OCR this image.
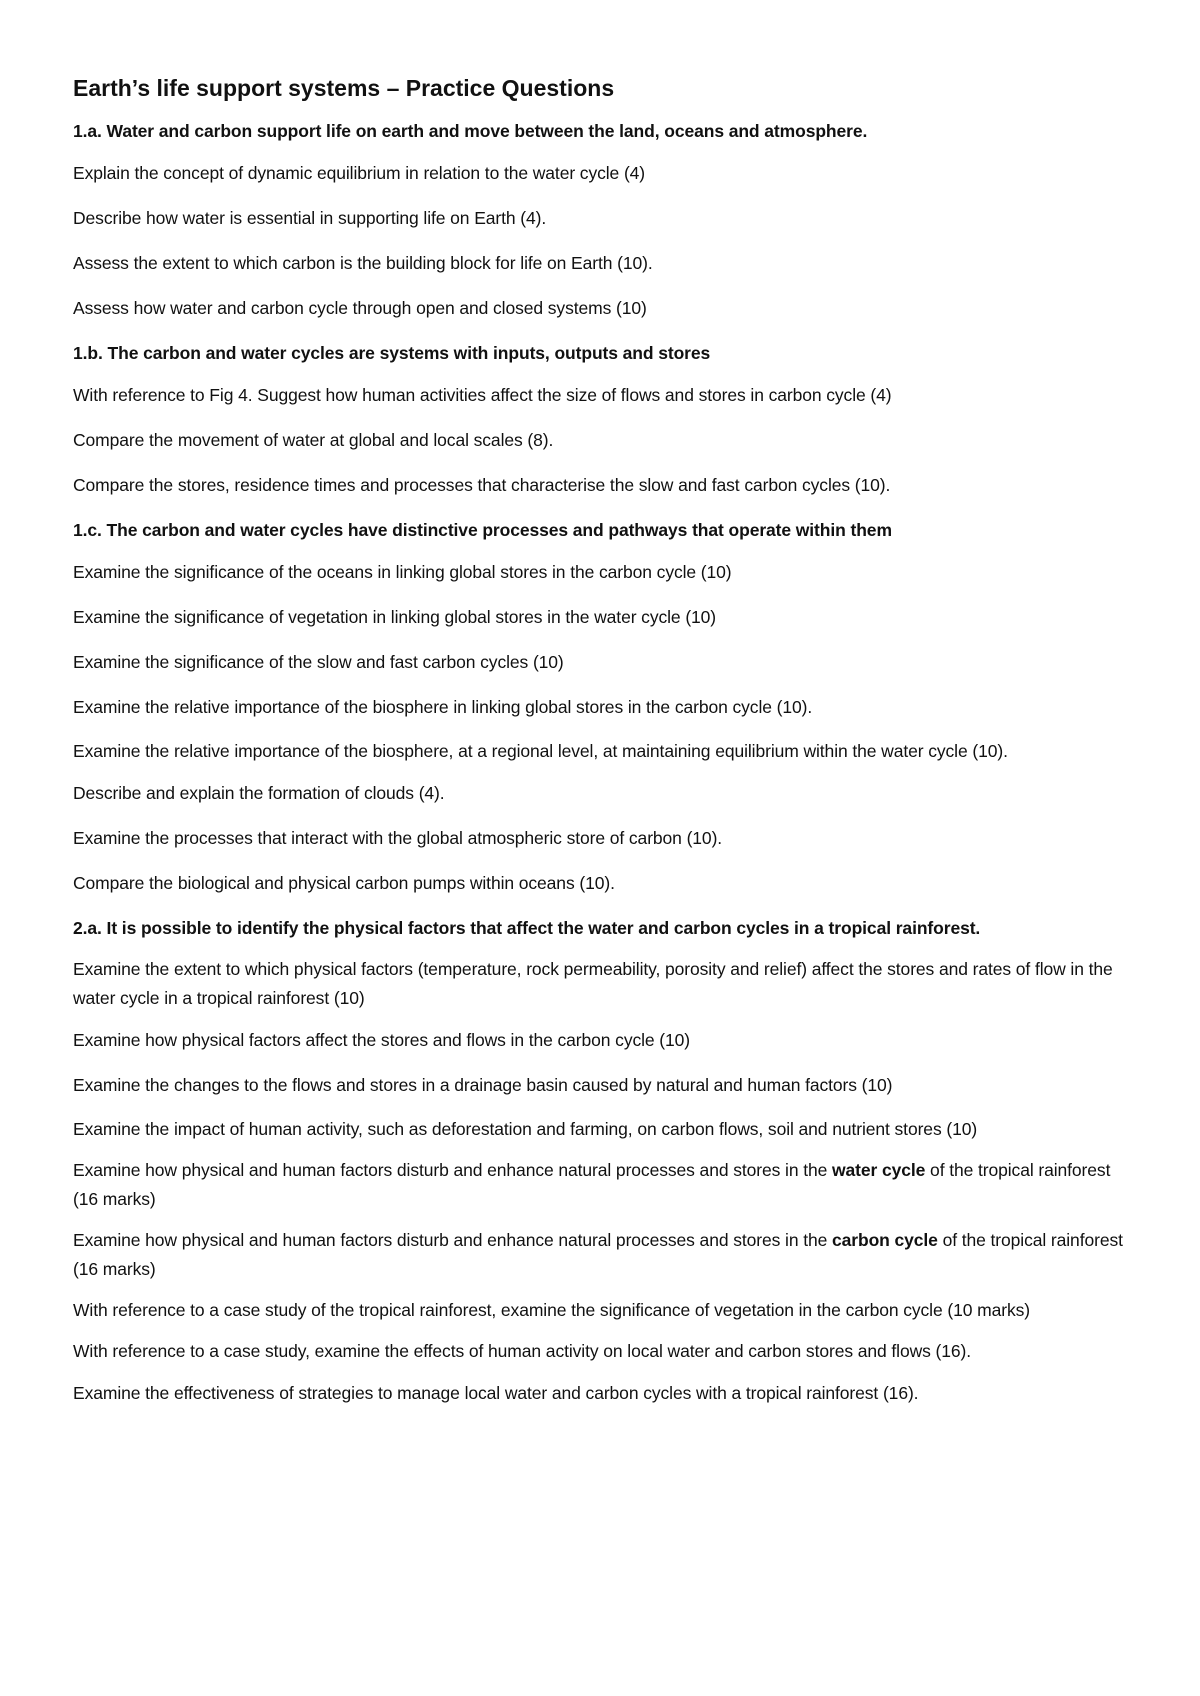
Earth’s life support systems – Practice Questions
1.a. Water and carbon support life on earth and move between the land, oceans and atmosphere.
Explain the concept of dynamic equilibrium in relation to the water cycle (4)
Describe how water is essential in supporting life on Earth (4).
Assess the extent to which carbon is the building block for life on Earth (10).
Assess how water and carbon cycle through open and closed systems (10)
1.b. The carbon and water cycles are systems with inputs, outputs and stores
With reference to Fig 4. Suggest how human activities affect the size of flows and stores in carbon cycle (4)
Compare the movement of water at global and local scales (8).
Compare the stores, residence times and processes that characterise the slow and fast carbon cycles (10).
1.c. The carbon and water cycles have distinctive processes and pathways that operate within them
Examine the significance of the oceans in linking global stores in the carbon cycle (10)
Examine the significance of vegetation in linking global stores in the water cycle (10)
Examine the significance of the slow and fast carbon cycles (10)
Examine the relative importance of the biosphere in linking global stores in the carbon cycle (10).
Examine the relative importance of the biosphere, at a regional level, at maintaining equilibrium within the water cycle (10).
Describe and explain the formation of clouds (4).
Examine the processes that interact with the global atmospheric store of carbon (10).
Compare the biological and physical carbon pumps within oceans (10).
2.a. It is possible to identify the physical factors that affect the water and carbon cycles in a tropical rainforest.
Examine the extent to which physical factors (temperature, rock permeability, porosity and relief) affect the stores and rates of flow in the water cycle in a tropical rainforest (10)
Examine how physical factors affect the stores and flows in the carbon cycle (10)
Examine the changes to the flows and stores in a drainage basin caused by natural and human factors (10)
Examine the impact of human activity, such as deforestation and farming, on carbon flows, soil and nutrient stores (10)
Examine how physical and human factors disturb and enhance natural processes and stores in the water cycle of the tropical rainforest (16 marks)
Examine how physical and human factors disturb and enhance natural processes and stores in the carbon cycle of the tropical rainforest (16 marks)
With reference to a case study of the tropical rainforest, examine the significance of vegetation in the carbon cycle (10 marks)
With reference to a case study, examine the effects of human activity on local water and carbon stores and flows (16).
Examine the effectiveness of strategies to manage local water and carbon cycles with a tropical rainforest (16).
